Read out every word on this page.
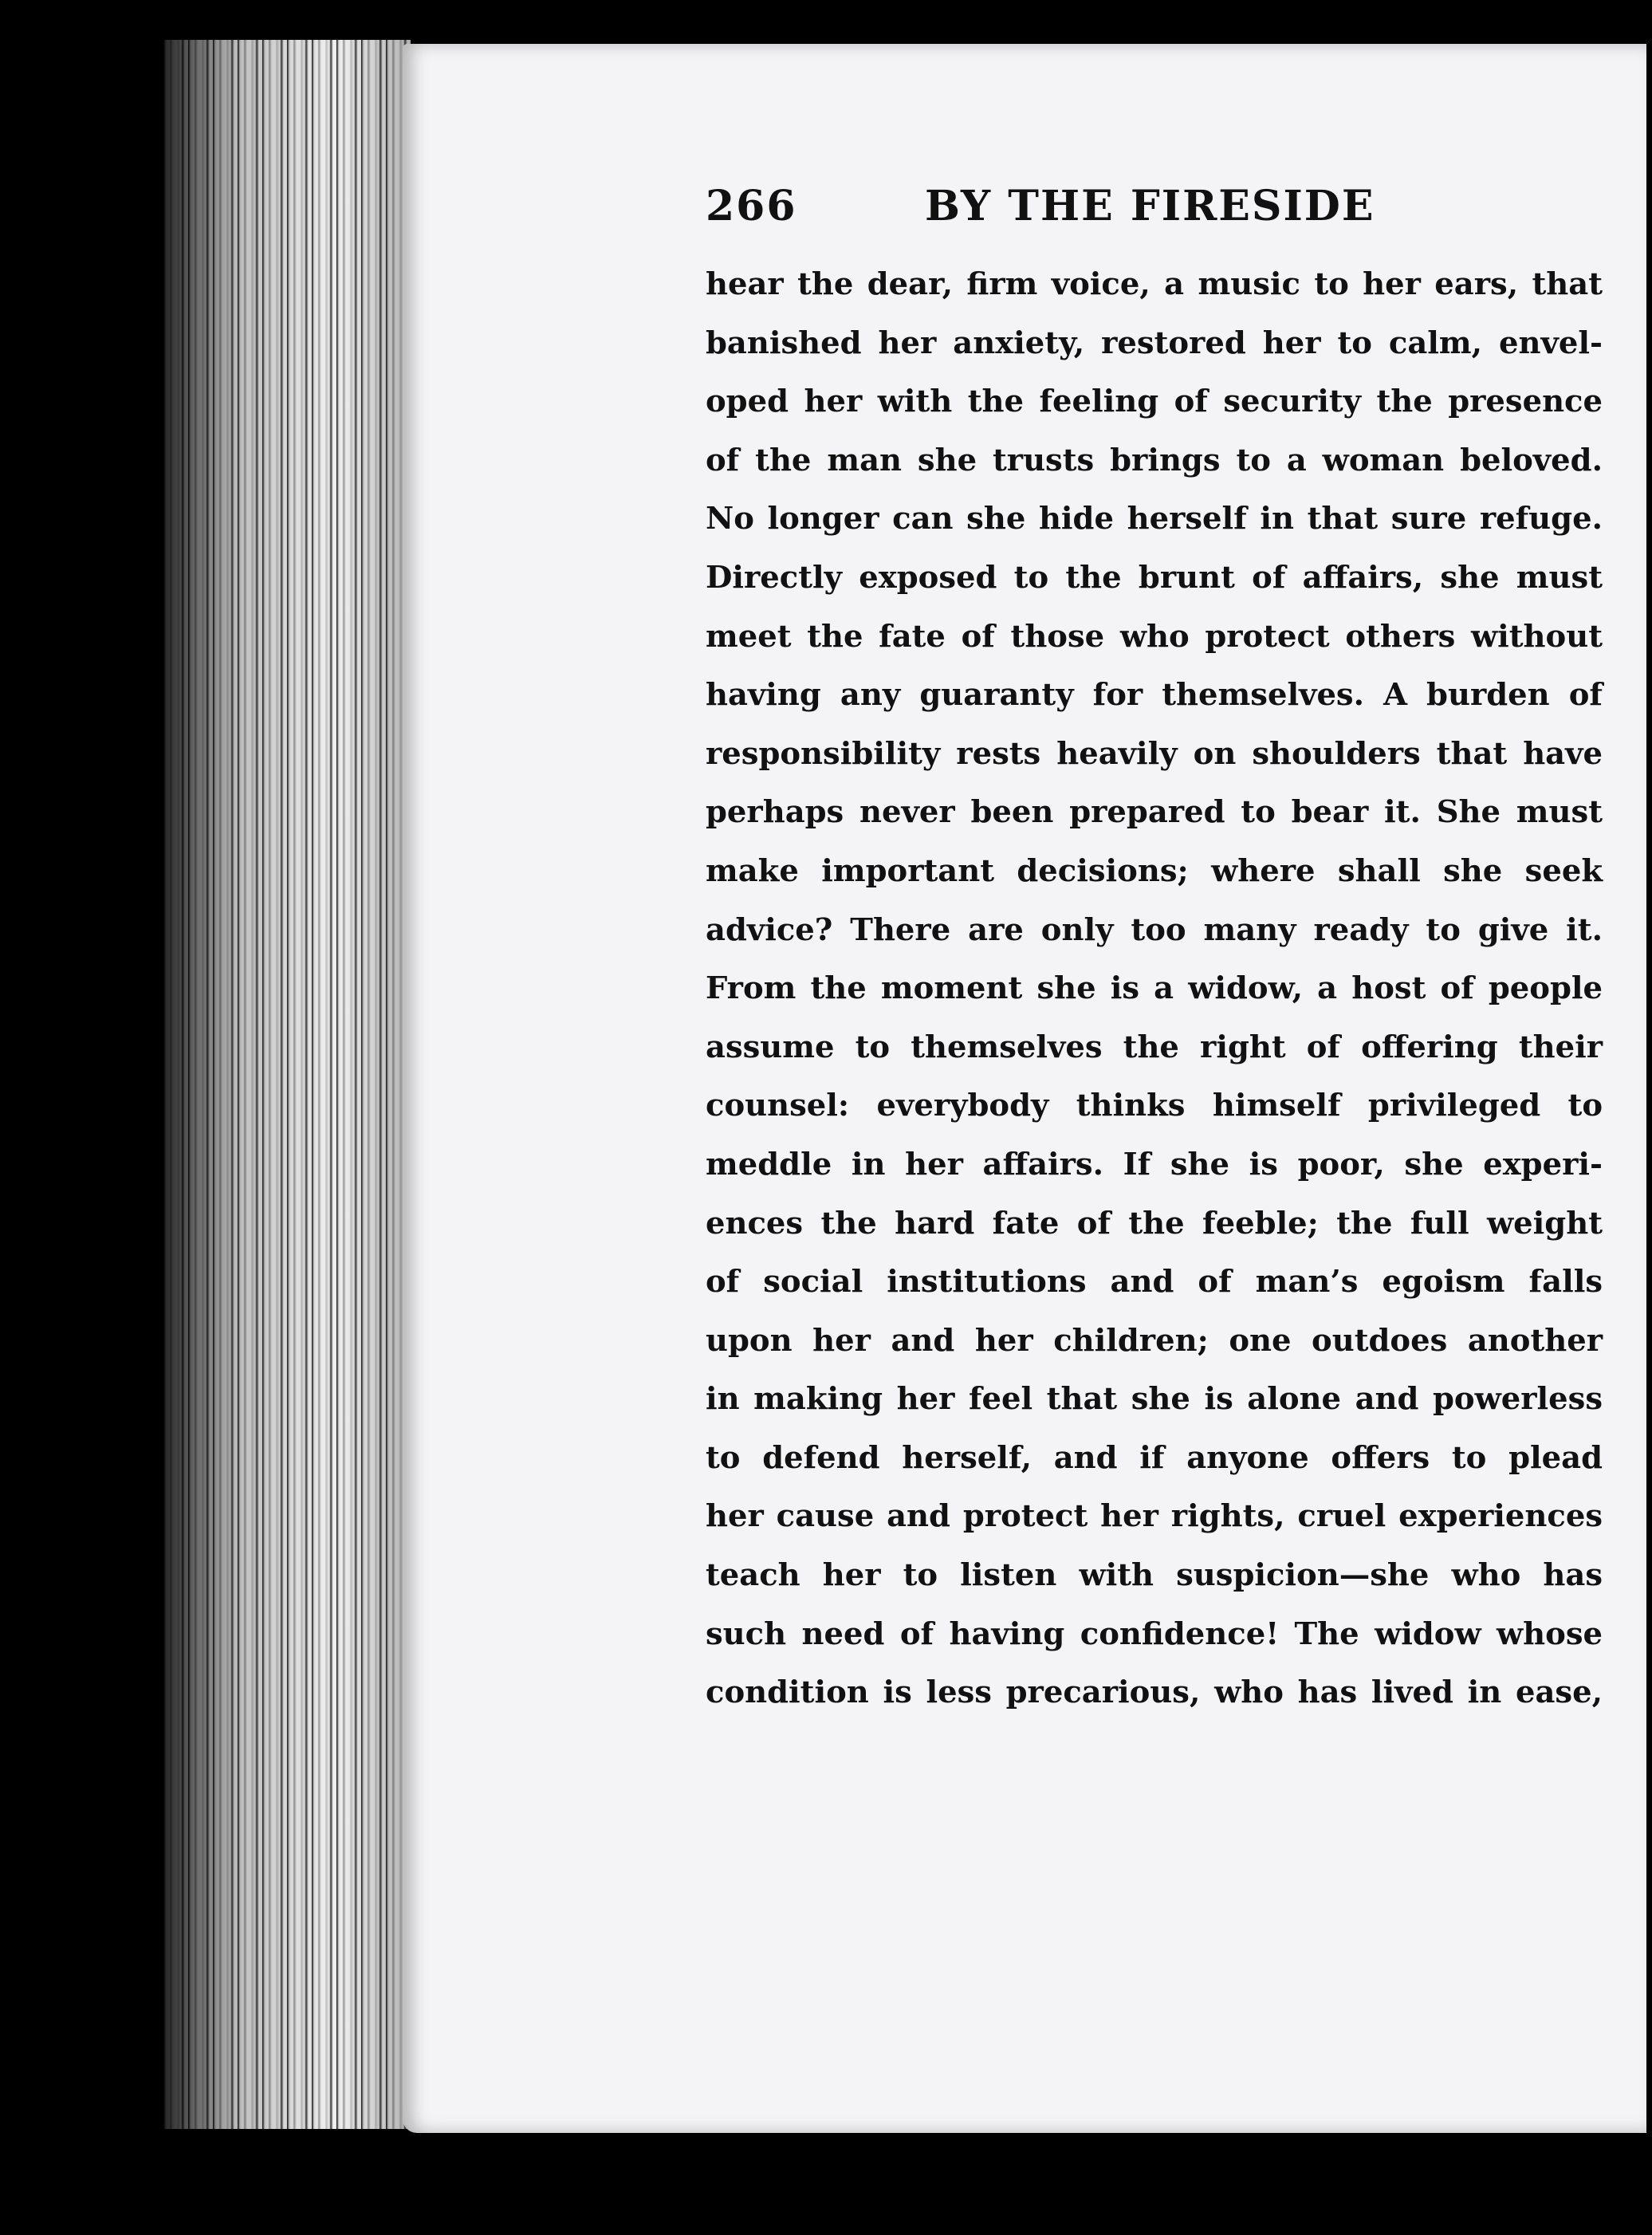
266	BY THE FIRESIDE
hear the dear, firm voice, a music to her ears, that
banished her anxiety, restored her to calm, envel-
oped her with the feeling of security the presence
of the man she trusts brings to a woman beloved.
No longer can she hide herself in that sure refuge.
Directly exposed to the brunt of affairs, she must
meet the fate of those who protect others without
having any guaranty for themselves. A burden of
responsibility rests heavily on shoulders that have
perhaps never been prepared to bear it. She must
make important decisions; where shall she seek
advice? There are only too many ready to give it.
From the moment she is a widow, a host of people
assume to themselves the right of offering their
counsel: everybody thinks himself privileged to
meddle in her affairs. If she is poor, she experi-
ences the hard fate of the feeble; the full weight
of social institutions and of man’s egoism falls
upon her and her children; one outdoes another
in making her feel that she is alone and powerless
to defend herself, and if anyone offers to plead
her cause and protect her rights, cruel experiences
teach her to listen with suspicion—she who has
such need of having confidence! The widow whose
condition is less precarious, who has lived in ease,
